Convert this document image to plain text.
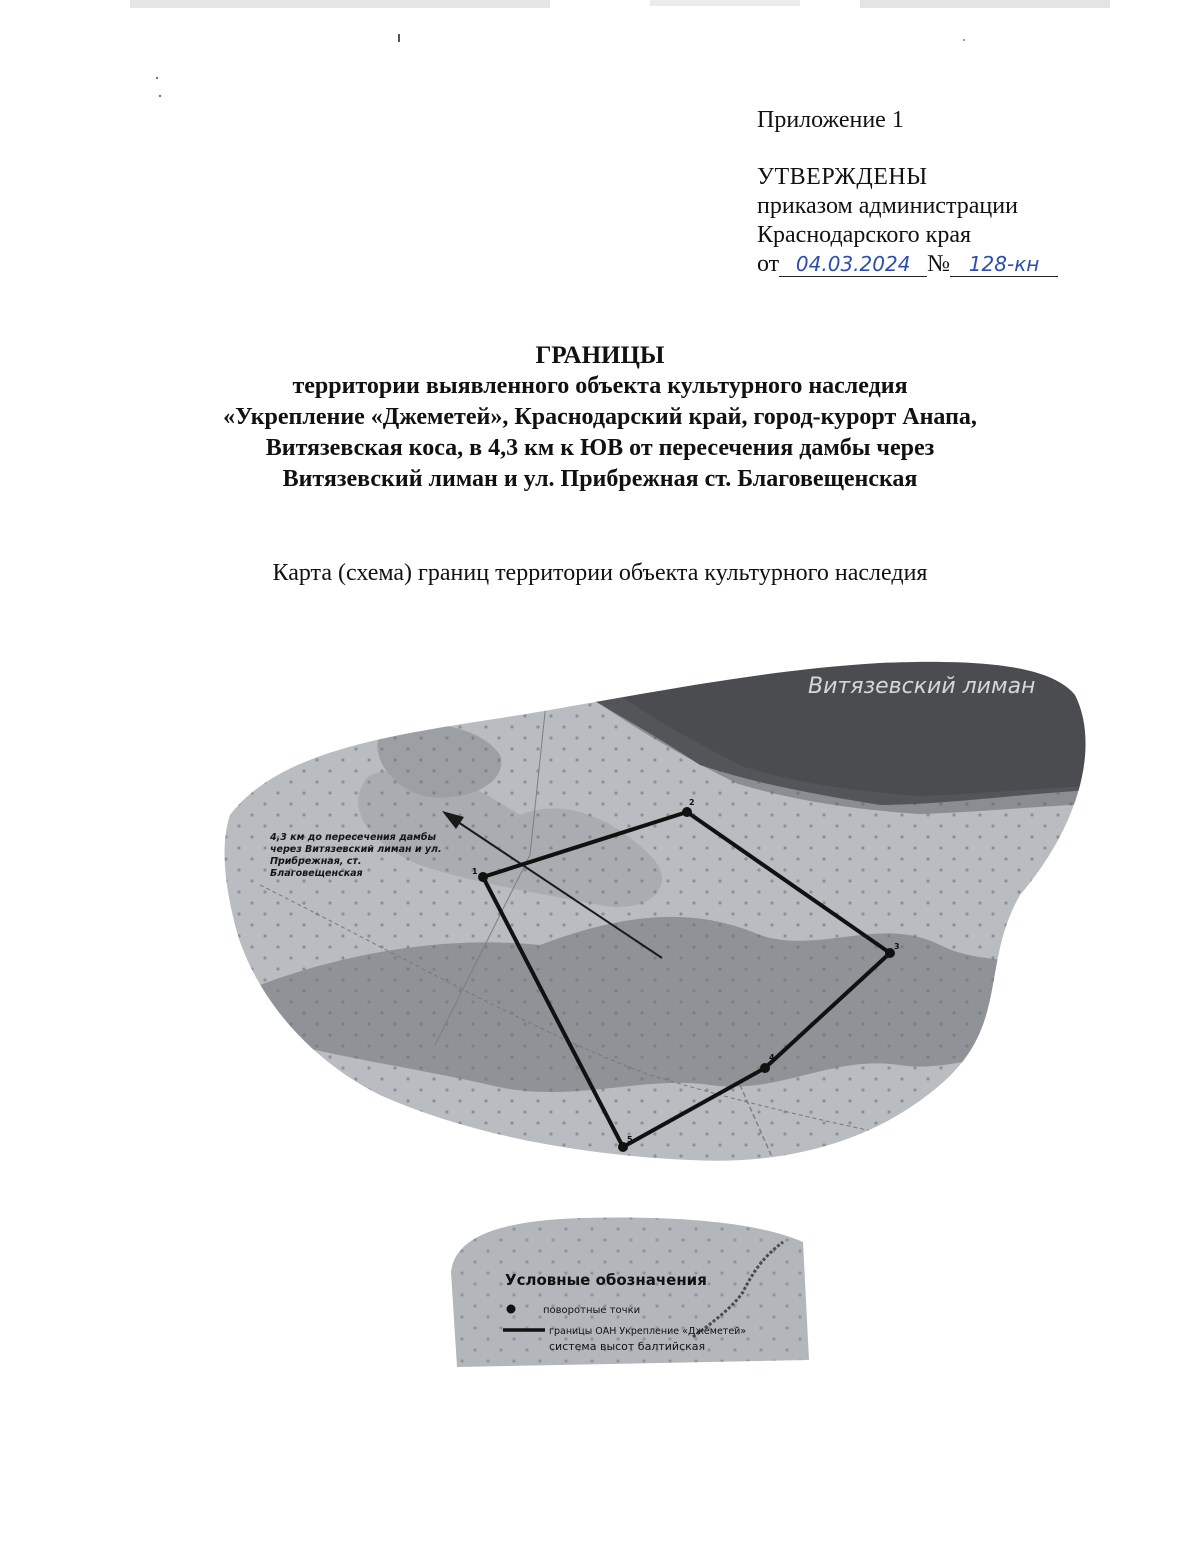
Приложение 1
УТВЕРЖДЕНЫ
приказом администрации
Краснодарского края
от 04.03.2024 № 128-кн
ГРАНИЦЫ
территории выявленного объекта культурного наследия
«Укрепление «Джеметей», Краснодарский край, город-курорт Анапа,
Витязевская коса, в 4,3 км к ЮВ от пересечения дамбы через
Витязевский лиман и ул. Прибрежная ст. Благовещенская
Карта (схема) границ территории объекта культурного наследия
Витязевский лиман
4,3 км до пересечения дамбы
через Витязевский лиман и ул.
Прибрежная, ст.
Благовещенская	1
2
3
4
5
Условные обозначения
поворотные точки
границы ОАН Укрепление «Джеметей»
система высот балтийская
